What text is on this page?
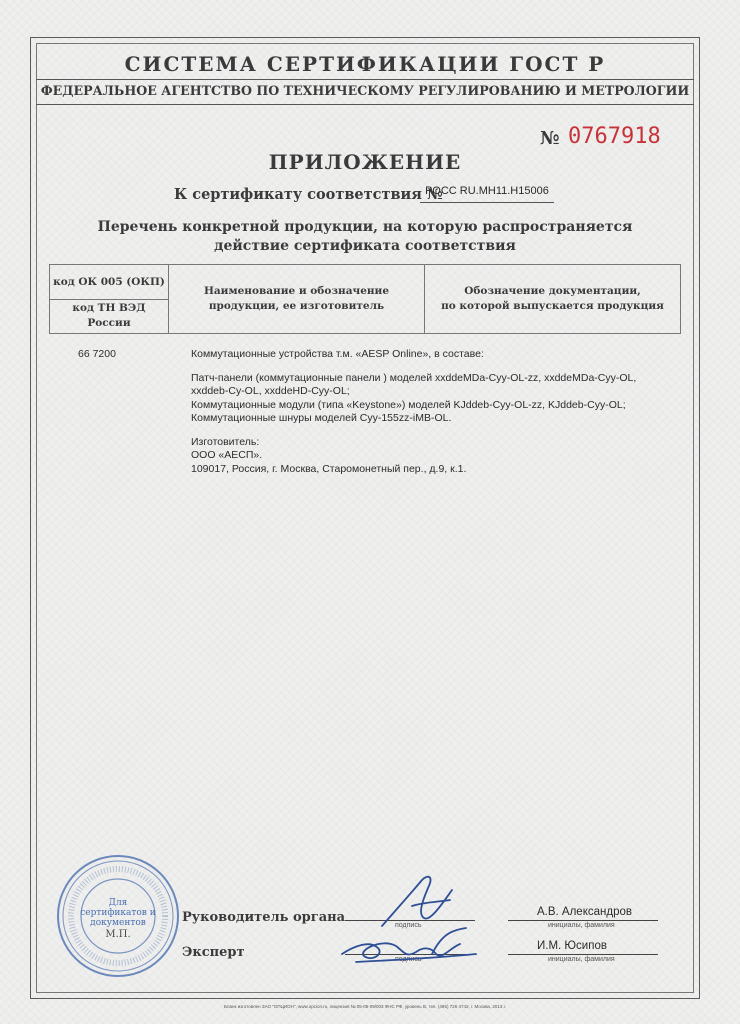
СИСТЕМА СЕРТИФИКАЦИИ ГОСТ Р
ФЕДЕРАЛЬНОЕ АГЕНТСТВО ПО ТЕХНИЧЕСКОМУ РЕГУЛИРОВАНИЮ И МЕТРОЛОГИИ
№ 0767918
ПРИЛОЖЕНИЕ
К сертификату соответствия №
РОСС RU.МН11.Н15006
Перечень конкретной продукции, на которую распространяется
действие сертификата соответствия
код ОК 005 (ОКП)
код ТН ВЭД России
Наименование и обозначение
продукции, ее изготовитель
Обозначение документации,
по которой выпускается продукция
66 7200	Коммутационные устройства т.м. «AESP Online», в составе:

Патч-панели (коммутационные панели ) моделей xxddeMDa-Cyy-OL-zz, xxddeMDa-Cyy-OL, xxddeb-Cy-OL, xxddeHD-Cyy-OL;

Коммутационные модули (типа «Keystone») моделей KJddeb-Cyy-OL-zz, KJddeb-Cyy-OL;

Коммутационные шнуры моделей Cyy-155zz-iMB-OL.

Изготовитель:

ООО «АЕСП».

109017, Россия, г. Москва, Старомонетный пер., д.9, к.1.

Для
сертификатов и
документов
М.П.
Руководитель органа
подпись
А.В. Александров
инициалы, фамилия
Эксперт	подпись
И.М. Юсипов
инициалы, фамилия
Бланк изготовлен ЗАО "ОПЦИОН", www.opcion.ru, лицензия № 05-05-09/003 ФНС РФ, уровень B, тел. (495) 726 4742, г. Москва, 2013 г.
